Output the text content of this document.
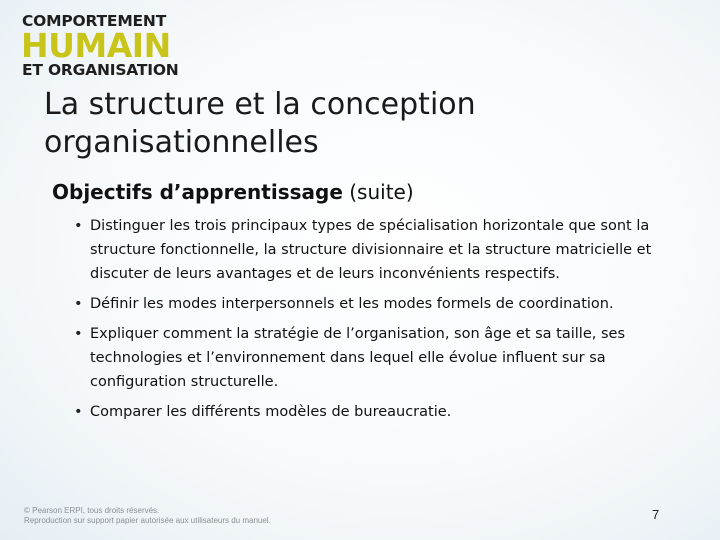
COMPORTEMENT
HUMAIN
ET ORGANISATION
La structure et la conception organisationnelles
Objectifs d’apprentissage (suite)
• Distinguer les trois principaux types de spécialisation horizontale que sont la structure fonctionnelle, la structure divisionnaire et la structure matricielle et discuter de leurs avantages et de leurs inconvénients respectifs.
• Définir les modes interpersonnels et les modes formels de coordination.
• Expliquer comment la stratégie de l’organisation, son âge et sa taille, ses technologies et l’environnement dans lequel elle évolue influent sur sa configuration structurelle.
• Comparer les différents modèles de bureaucratie.
© Pearson ERPI, tous droits réservés.
Reproduction sur support papier autorisée aux utilisateurs du manuel.	7
